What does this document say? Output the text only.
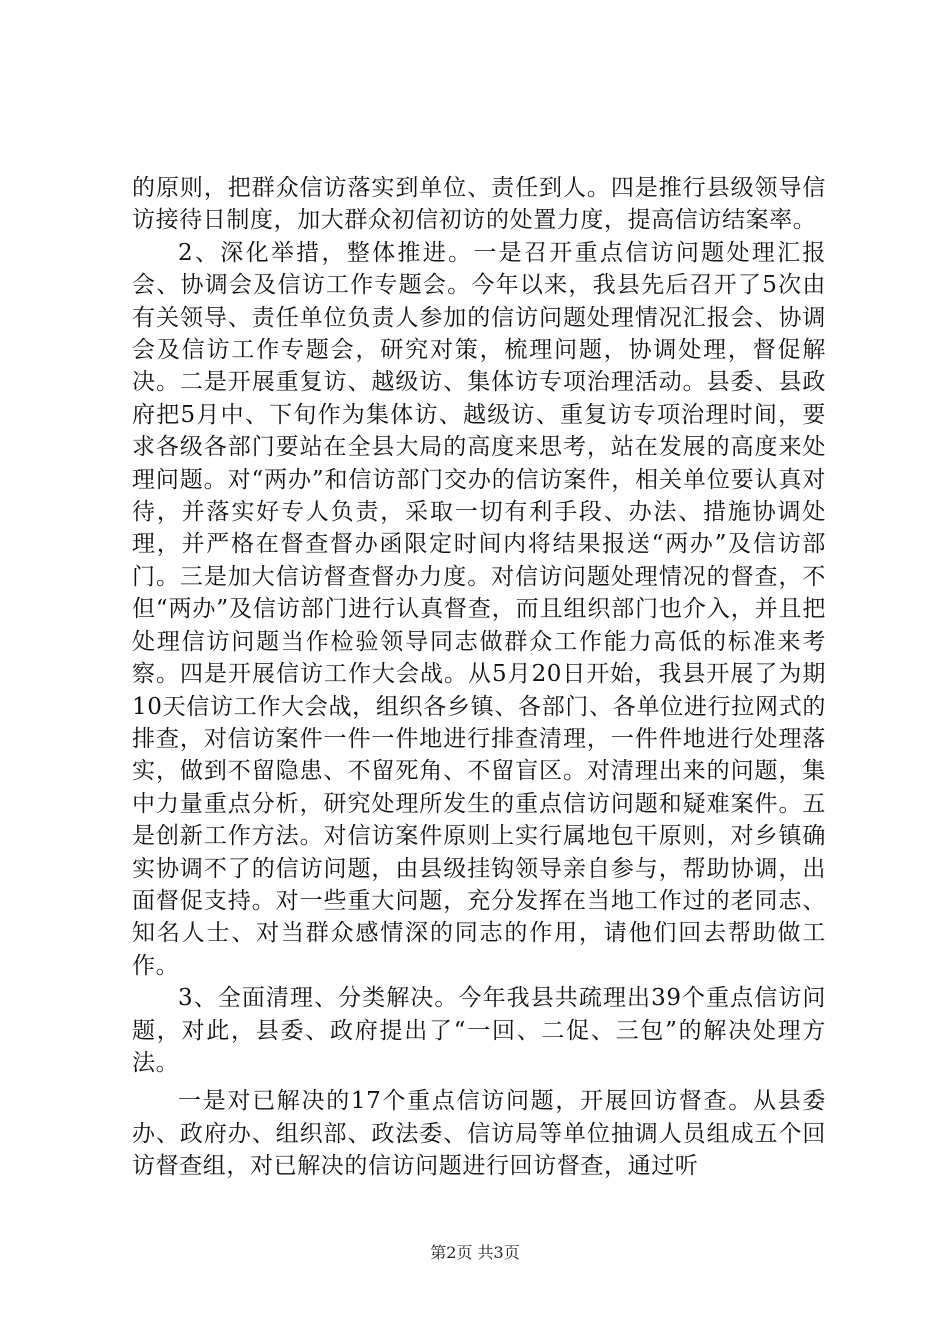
的原则，把群众信访落实到单位、责任到人。四是推行县级领导信访接待日制度，加大群众初信初访的处置力度，提高信访结案率。

2、深化举措，整体推进。一是召开重点信访问题处理汇报会、协调会及信访工作专题会。今年以来，我县先后召开了5次由有关领导、责任单位负责人参加的信访问题处理情况汇报会、协调会及信访工作专题会，研究对策，梳理问题，协调处理，督促解决。二是开展重复访、越级访、集体访专项治理活动。县委、县政府把5月中、下旬作为集体访、越级访、重复访专项治理时间，要求各级各部门要站在全县大局的高度来思考，站在发展的高度来处理问题。对“两办”和信访部门交办的信访案件，相关单位要认真对待，并落实好专人负责，采取一切有利手段、办法、措施协调处理，并严格在督查督办函限定时间内将结果报送“两办”及信访部门。三是加大信访督查督办力度。对信访问题处理情况的督查，不但“两办”及信访部门进行认真督查，而且组织部门也介入，并且把处理信访问题当作检验领导同志做群众工作能力高低的标准来考察。四是开展信访工作大会战。从5月20日开始，我县开展了为期10天信访工作大会战，组织各乡镇、各部门、各单位进行拉网式的排查，对信访案件一件一件地进行排查清理，一件件地进行处理落实，做到不留隐患、不留死角、不留盲区。对清理出来的问题，集中力量重点分析，研究处理所发生的重点信访问题和疑难案件。五是创新工作方法。对信访案件原则上实行属地包干原则，对乡镇确实协调不了的信访问题，由县级挂钩领导亲自参与，帮助协调，出面督促支持。对一些重大问题，充分发挥在当地工作过的老同志、知名人士、对当群众感情深的同志的作用，请他们回去帮助做工作。

3、全面清理、分类解决。今年我县共疏理出39个重点信访问题，对此，县委、政府提出了“一回、二促、三包”的解决处理方法。

一是对已解决的17个重点信访问题，开展回访督查。从县委办、政府办、组织部、政法委、信访局等单位抽调人员组成五个回访督查组，对已解决的信访问题进行回访督查，通过听

第2页 共3页
